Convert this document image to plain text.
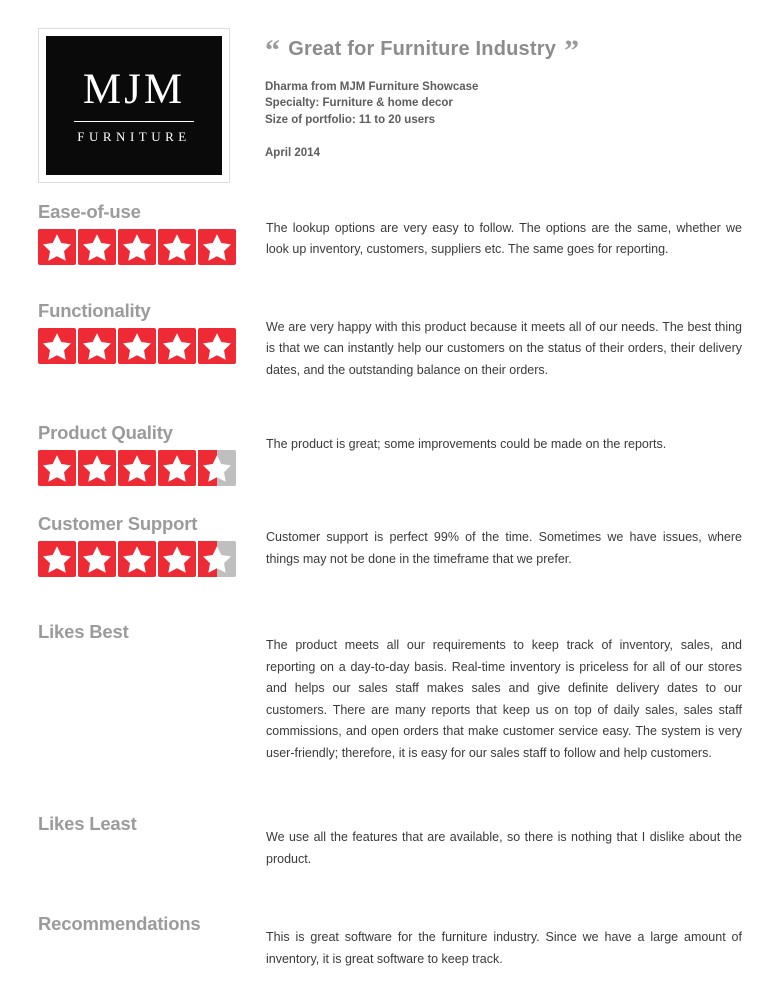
MJM
FURNITURE
“ Great for Furniture Industry ”
Dharma from MJM Furniture Showcase
Specialty: Furniture & home decor
Size of portfolio: 11 to 20 users
April 2014
Ease-of-use

The lookup options are very easy to follow. The options are the same, whether we look up inventory, customers, suppliers etc. The same goes for reporting.

Functionality

We are very happy with this product because it meets all of our needs. The best thing is that we can instantly help our customers on the status of their orders, their delivery dates, and the outstanding balance on their orders.

Product Quality

The product is great; some improvements could be made on the reports.

Customer Support

Customer support is perfect 99% of the time. Sometimes we have issues, where things may not be done in the timeframe that we prefer.

Likes Best

The product meets all our requirements to keep track of inventory, sales, and reporting on a day-to-day basis. Real-time inventory is priceless for all of our stores and helps our sales staff makes sales and give definite delivery dates to our customers. There are many reports that keep us on top of daily sales, sales staff commissions, and open orders that make customer service easy. The system is very user-friendly; therefore, it is easy for our sales staff to follow and help customers.

Likes Least

We use all the features that are available, so there is nothing that I dislike about the product.

Recommendations

This is great software for the furniture industry. Since we have a large amount of inventory, it is great software to keep track.
